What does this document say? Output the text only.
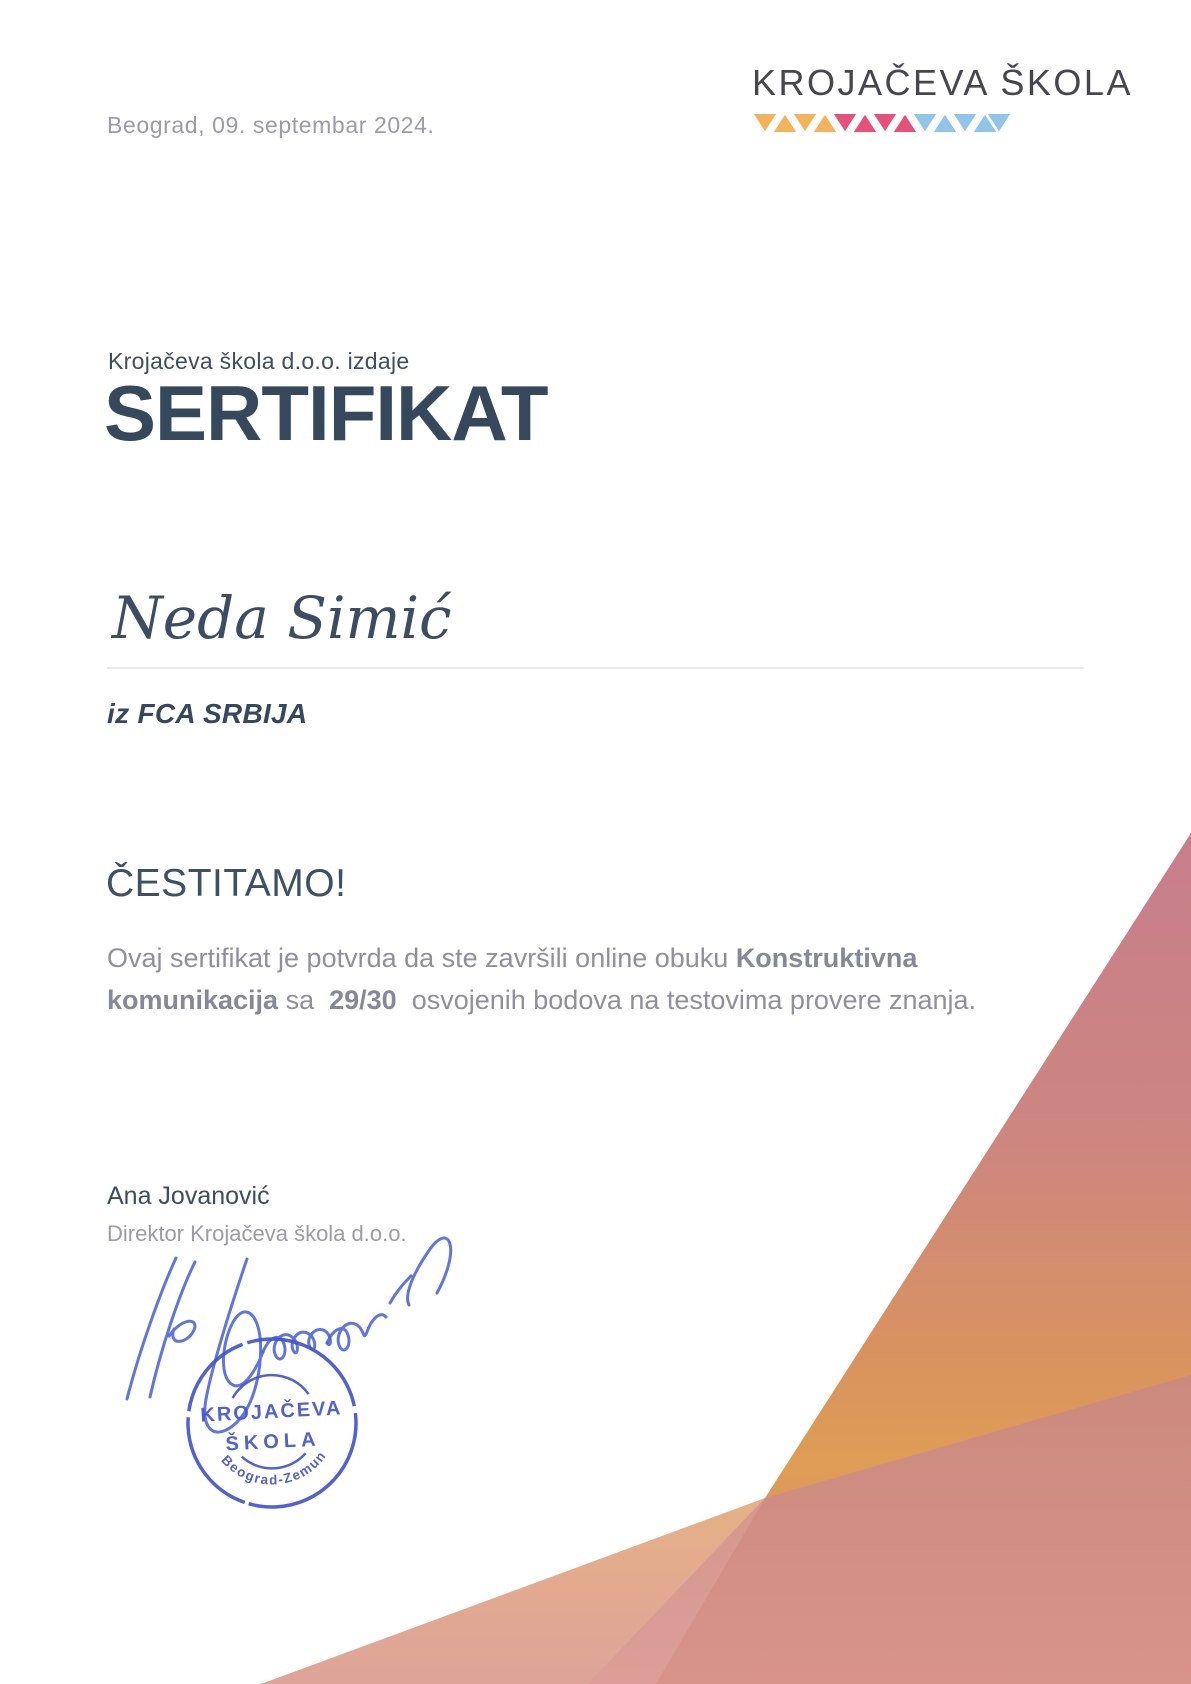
Beograd, 09. septembar 2024.
KROJAČEVA ŠKOLA
Krojačeva škola d.o.o. izdaje
SERTIFIKAT
Neda Simić
iz FCA SRBIJA
ČESTITAMO!

Ovaj sertifikat je potvrda da ste završili online obuku Konstruktivna komunikacija sa  29/30  osvojenih bodova na testovima provere znanja.

Ana Jovanović
Direktor Krojačeva škola d.o.o.
KROJAČEVA
ŠKOLA
Beograd-Zemun
